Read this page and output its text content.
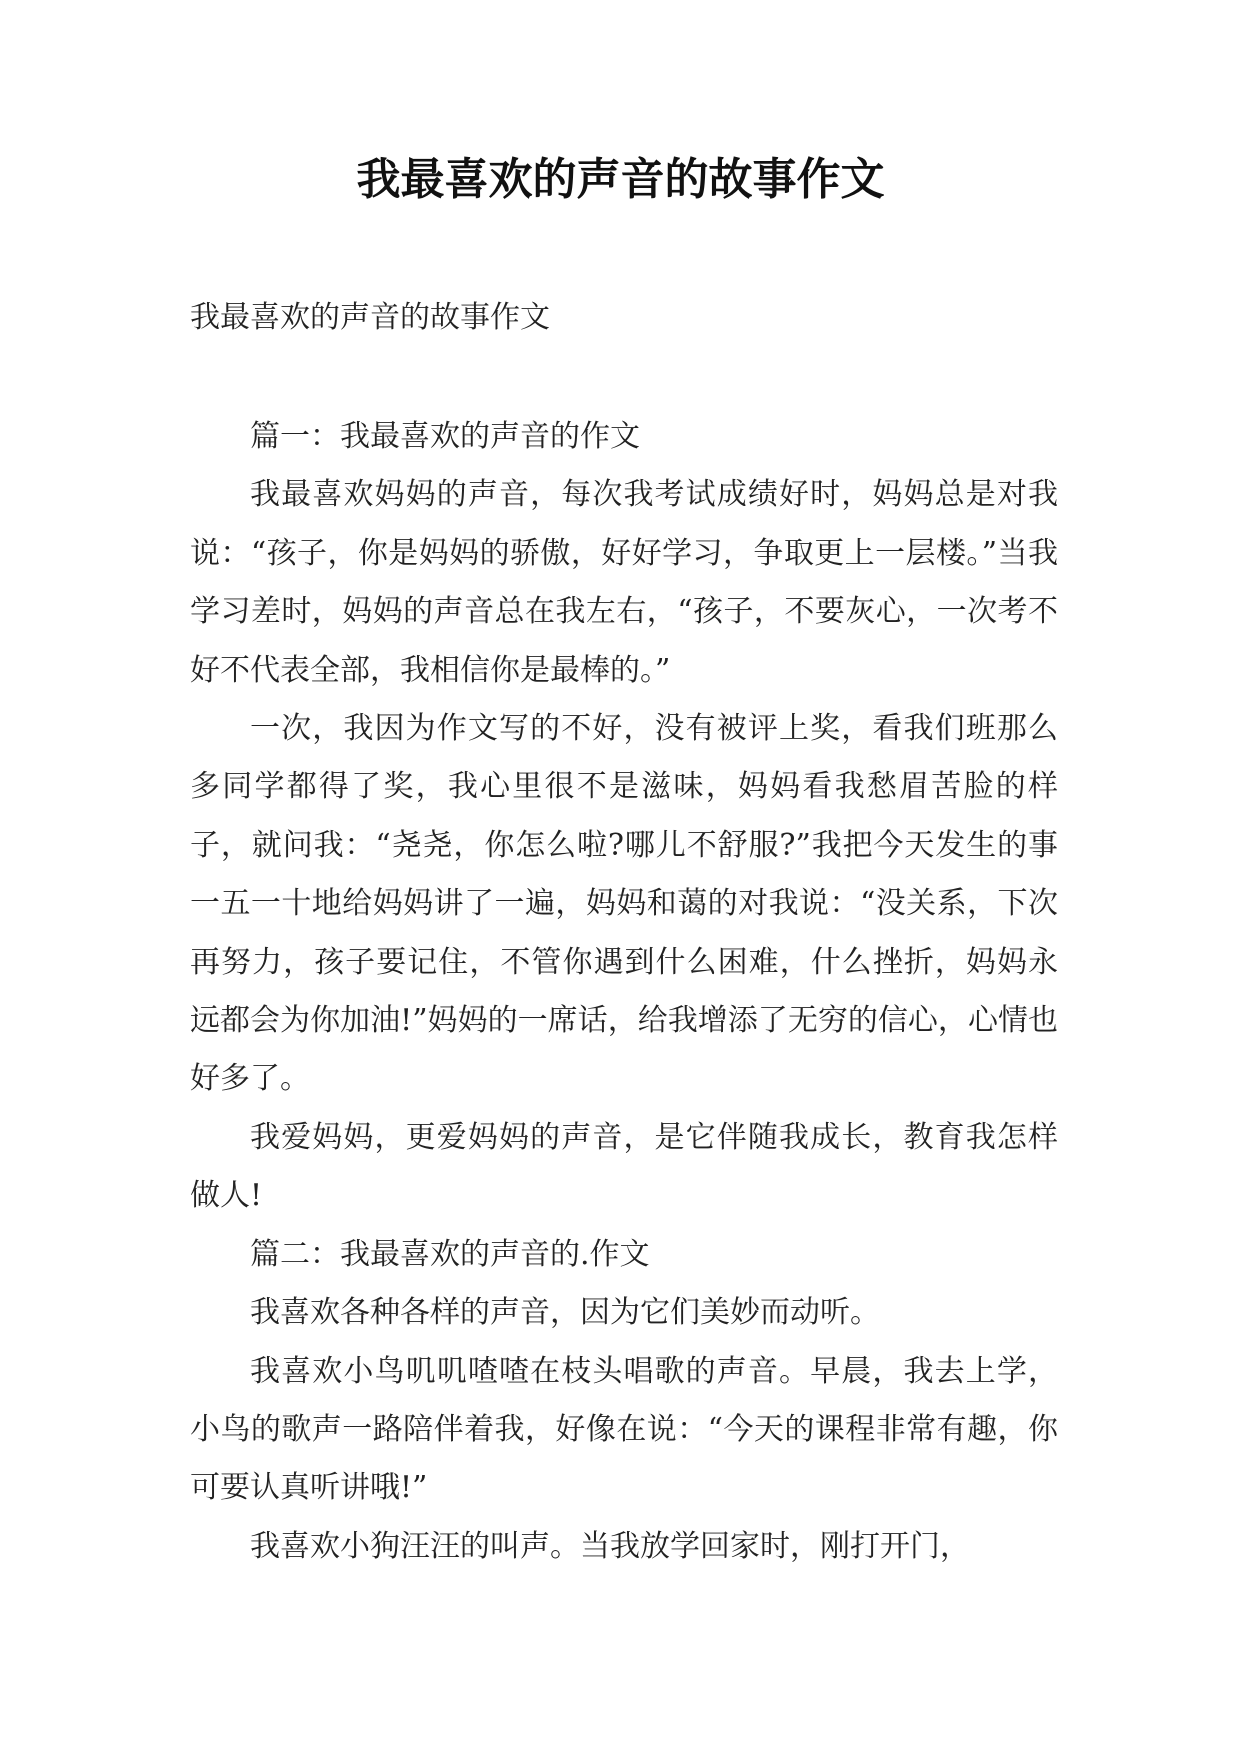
我最喜欢的声音的故事作文

我最喜欢的声音的故事作文

篇一：我最喜欢的声音的作文

我最喜欢妈妈的声音，每次我考试成绩好时，妈妈总是对我说：“孩子，你是妈妈的骄傲，好好学习，争取更上一层楼。”当我学习差时，妈妈的声音总在我左右，“孩子，不要灰心，一次考不好不代表全部，我相信你是最棒的。”

一次，我因为作文写的不好，没有被评上奖，看我们班那么多同学都得了奖，我心里很不是滋味，妈妈看我愁眉苦脸的样子，就问我：“尧尧，你怎么啦?哪儿不舒服?”我把今天发生的事一五一十地给妈妈讲了一遍，妈妈和蔼的对我说：“没关系，下次再努力，孩子要记住，不管你遇到什么困难，什么挫折，妈妈永远都会为你加油!”妈妈的一席话，给我增添了无穷的信心，心情也好多了。

我爱妈妈，更爱妈妈的声音，是它伴随我成长，教育我怎样做人!

篇二：我最喜欢的声音的.作文

我喜欢各种各样的声音，因为它们美妙而动听。

我喜欢小鸟叽叽喳喳在枝头唱歌的声音。早晨，我去上学，小鸟的歌声一路陪伴着我，好像在说：“今天的课程非常有趣，你可要认真听讲哦!”

我喜欢小狗汪汪的叫声。当我放学回家时，刚打开门，
